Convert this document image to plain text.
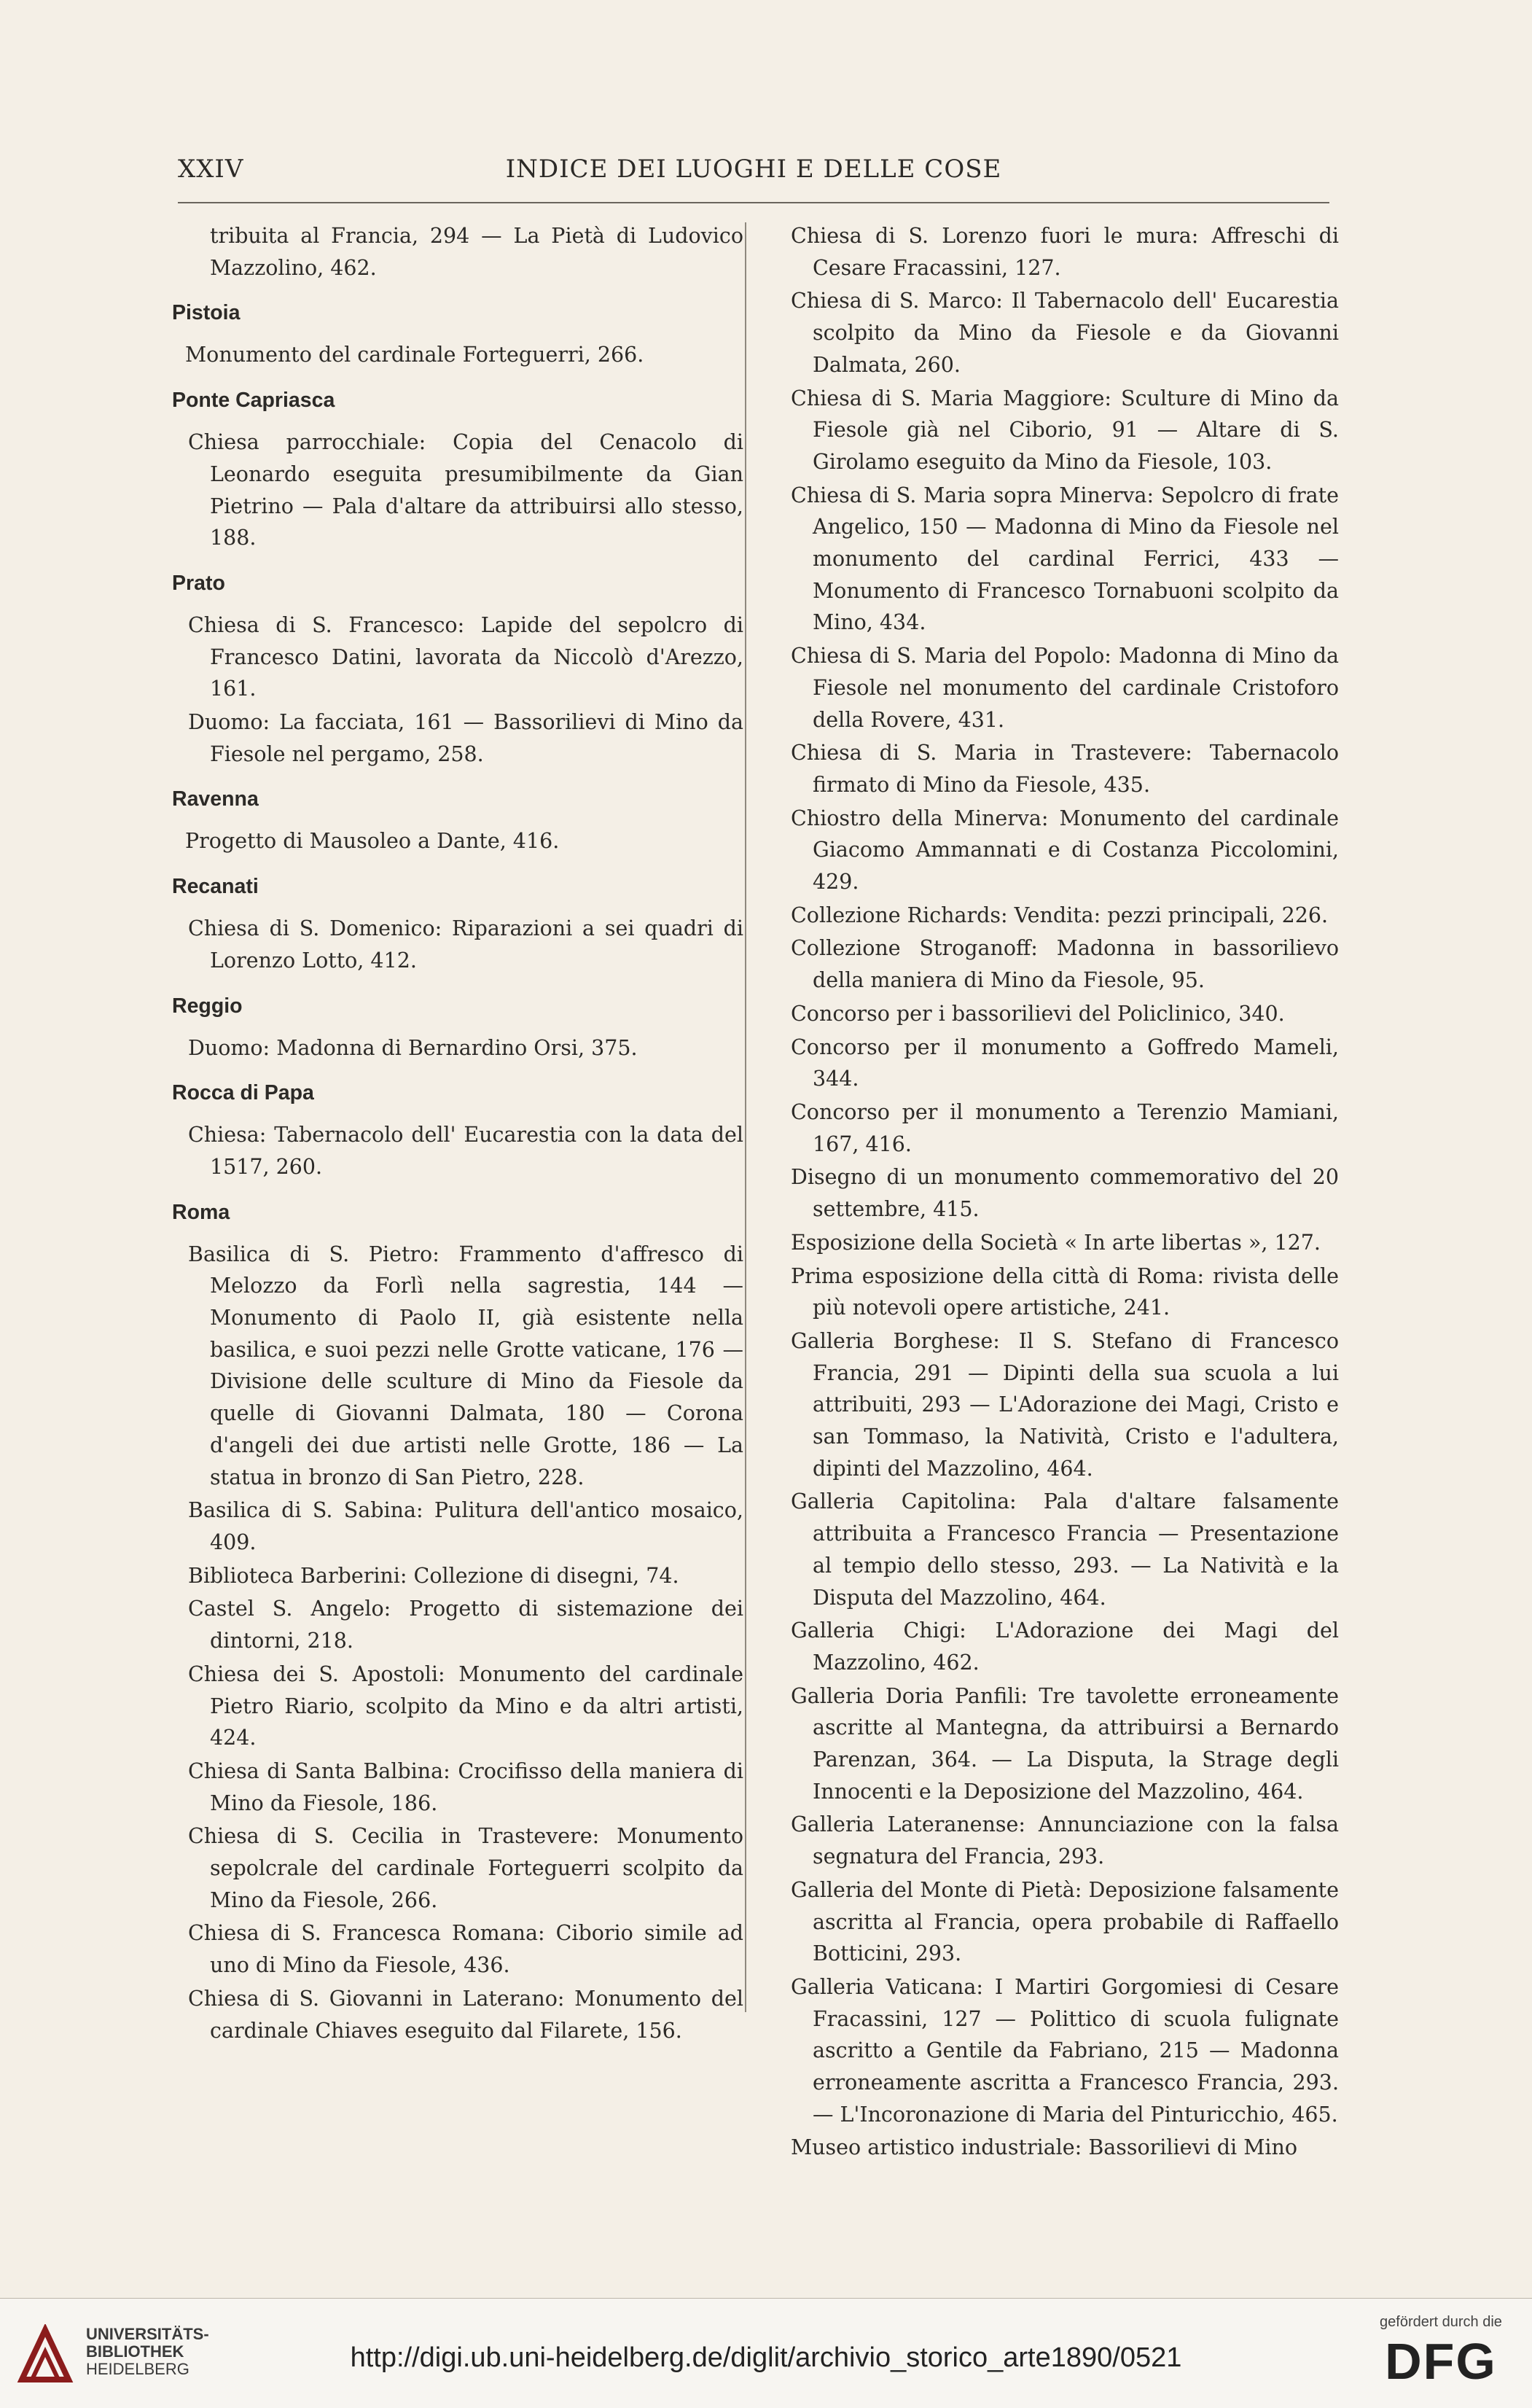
XXIV	INDICE DEI LUOGHI E DELLE COSE

tribuita al Francia, 294 — La Pietà di Ludovico Mazzolino, 462.

Pistoia

Monumento del cardinale Forteguerri, 266.

Ponte Capriasca

Chiesa parrocchiale: Copia del Cenacolo di Leonardo eseguita presumibilmente da Gian Pietrino — Pala d'altare da attribuirsi allo stesso, 188.

Prato

Chiesa di S. Francesco: Lapide del sepolcro di Francesco Datini, lavorata da Niccolò d'Arezzo, 161.

Duomo: La facciata, 161 — Bassorilievi di Mino da Fiesole nel pergamo, 258.

Ravenna

Progetto di Mausoleo a Dante, 416.

Recanati

Chiesa di S. Domenico: Riparazioni a sei quadri di Lorenzo Lotto, 412.

Reggio

Duomo: Madonna di Bernardino Orsi, 375.

Rocca di Papa

Chiesa: Tabernacolo dell' Eucarestia con la data del 1517, 260.

Roma

Basilica di S. Pietro: Frammento d'affresco di Melozzo da Forlì nella sagrestia, 144 — Monumento di Paolo II, già esistente nella basilica, e suoi pezzi nelle Grotte vaticane, 176 — Divisione delle sculture di Mino da Fiesole da quelle di Giovanni Dalmata, 180 — Corona d'angeli dei due artisti nelle Grotte, 186 — La statua in bronzo di San Pietro, 228.

Basilica di S. Sabina: Pulitura dell'antico mosaico, 409.

Biblioteca Barberini: Collezione di disegni, 74.

Castel S. Angelo: Progetto di sistemazione dei dintorni, 218.

Chiesa dei S. Apostoli: Monumento del cardinale Pietro Riario, scolpito da Mino e da altri artisti, 424.

Chiesa di Santa Balbina: Crocifisso della maniera di Mino da Fiesole, 186.

Chiesa di S. Cecilia in Trastevere: Monumento sepolcrale del cardinale Forteguerri scolpito da Mino da Fiesole, 266.

Chiesa di S. Francesca Romana: Ciborio simile ad uno di Mino da Fiesole, 436.

Chiesa di S. Giovanni in Laterano: Monumento del cardinale Chiaves eseguito dal Filarete, 156.

Chiesa di S. Lorenzo fuori le mura: Affreschi di Cesare Fracassini, 127.

Chiesa di S. Marco: Il Tabernacolo dell' Eucarestia scolpito da Mino da Fiesole e da Giovanni Dalmata, 260.

Chiesa di S. Maria Maggiore: Sculture di Mino da Fiesole già nel Ciborio, 91 — Altare di S. Girolamo eseguito da Mino da Fiesole, 103.

Chiesa di S. Maria sopra Minerva: Sepolcro di frate Angelico, 150 — Madonna di Mino da Fiesole nel monumento del cardinal Ferrici, 433 — Monumento di Francesco Tornabuoni scolpito da Mino, 434.

Chiesa di S. Maria del Popolo: Madonna di Mino da Fiesole nel monumento del cardinale Cristoforo della Rovere, 431.

Chiesa di S. Maria in Trastevere: Tabernacolo firmato di Mino da Fiesole, 435.

Chiostro della Minerva: Monumento del cardinale Giacomo Ammannati e di Costanza Piccolomini, 429.

Collezione Richards: Vendita: pezzi principali, 226.

Collezione Stroganoff: Madonna in bassorilievo della maniera di Mino da Fiesole, 95.

Concorso per i bassorilievi del Policlinico, 340.

Concorso per il monumento a Goffredo Mameli, 344.

Concorso per il monumento a Terenzio Mamiani, 167, 416.

Disegno di un monumento commemorativo del 20 settembre, 415.

Esposizione della Società « In arte libertas », 127.

Prima esposizione della città di Roma: rivista delle più notevoli opere artistiche, 241.

Galleria Borghese: Il S. Stefano di Francesco Francia, 291 — Dipinti della sua scuola a lui attribuiti, 293 — L'Adorazione dei Magi, Cristo e san Tommaso, la Natività, Cristo e l'adultera, dipinti del Mazzolino, 464.

Galleria Capitolina: Pala d'altare falsamente attribuita a Francesco Francia — Presentazione al tempio dello stesso, 293. — La Natività e la Disputa del Mazzolino, 464.

Galleria Chigi: L'Adorazione dei Magi del Mazzolino, 462.

Galleria Doria Panfili: Tre tavolette erroneamente ascritte al Mantegna, da attribuirsi a Bernardo Parenzan, 364. — La Disputa, la Strage degli Innocenti e la Deposizione del Mazzolino, 464.

Galleria Lateranense: Annunciazione con la falsa segnatura del Francia, 293.

Galleria del Monte di Pietà: Deposizione falsamente ascritta al Francia, opera probabile di Raffaello Botticini, 293.

Galleria Vaticana: I Martiri Gorgomiesi di Cesare Fracassini, 127 — Polittico di scuola fulignate ascritto a Gentile da Fabriano, 215 — Madonna erroneamente ascritta a Francesco Francia, 293. — L'Incoronazione di Maria del Pinturicchio, 465.

Museo artistico industriale: Bassorilievi di Mino

UNIVERSITÄTS-
BIBLIOTHEK
HEIDELBERG	http://digi.ub.uni-heidelberg.de/diglit/archivio_storico_arte1890/0521
gefördert durch die
DFG
